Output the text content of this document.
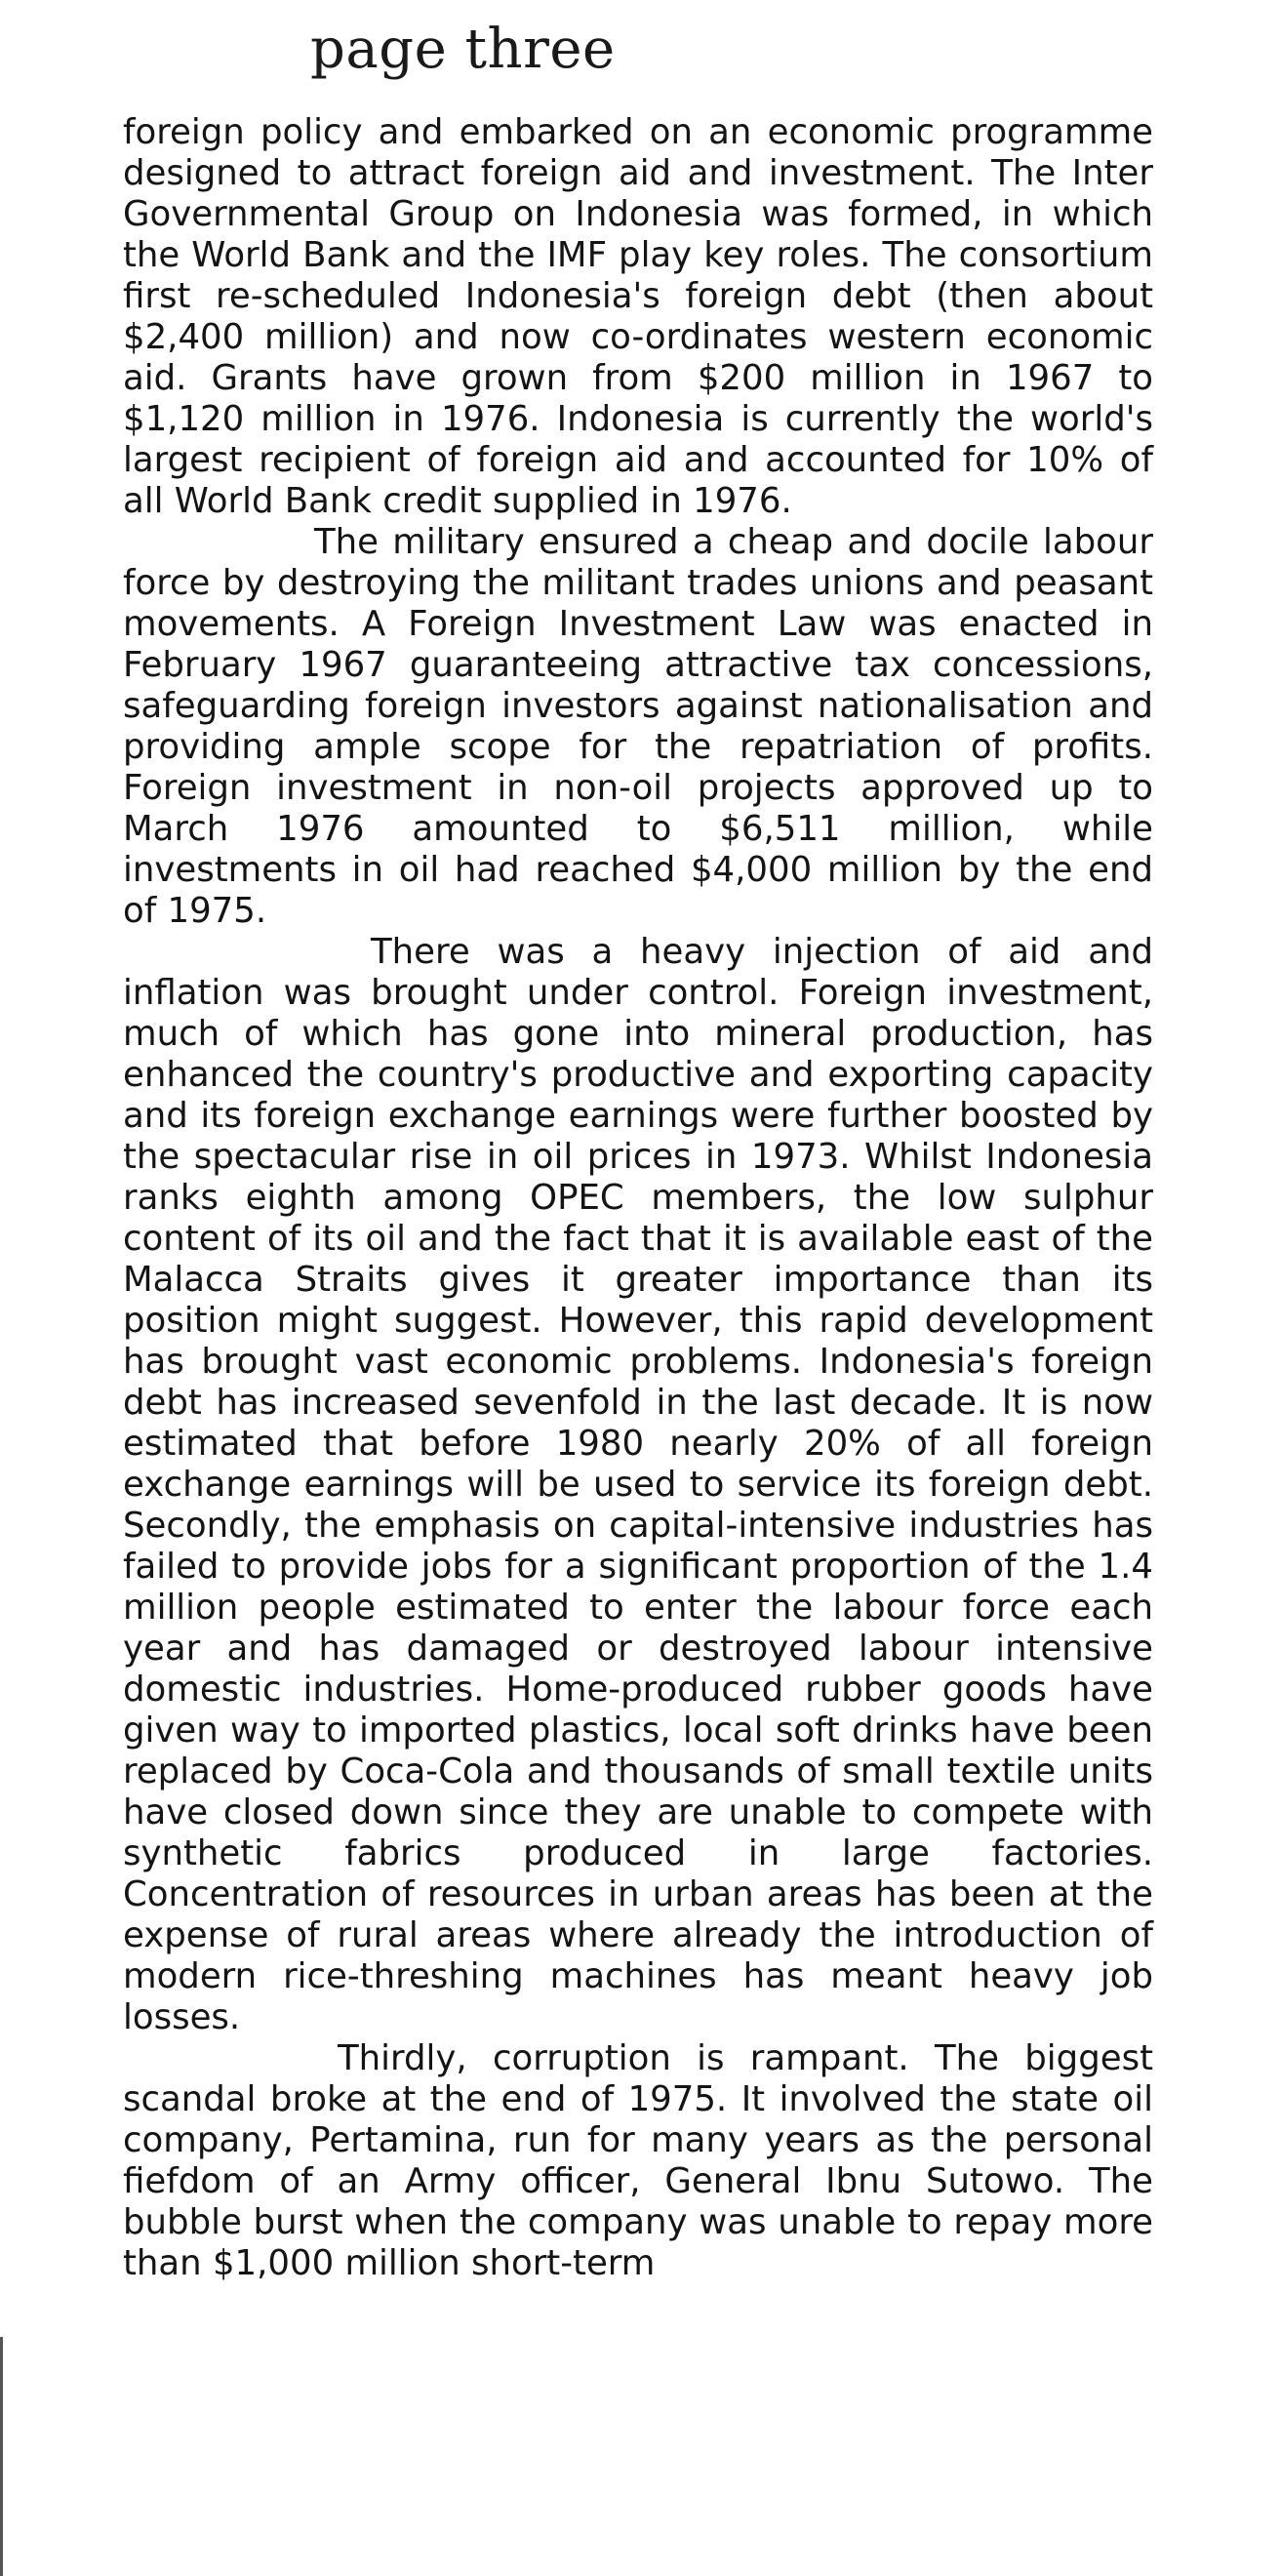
page three

foreign policy and embarked on an economic programme designed to attract foreign aid and investment. The Inter Governmental Group on Indonesia was formed, in which the World Bank and the IMF play key roles. The consortium first re-scheduled Indonesia's foreign debt (then about $2,400 million) and now co-ordinates western economic aid. Grants have grown from $200 million in 1967 to $1,120 million in 1976. Indonesia is currently the world's largest recipient of foreign aid and accounted for 10% of all World Bank credit supplied in 1976.

The military ensured a cheap and docile labour force by destroying the militant trades unions and peasant movements. A Foreign Investment Law was enacted in February 1967 guaranteeing attractive tax concessions, safeguarding foreign investors against nationalisation and providing ample scope for the repatriation of profits. Foreign investment in non-oil projects approved up to March 1976 amounted to $6,511 million, while investments in oil had reached $4,000 million by the end of 1975.

There was a heavy injection of aid and inflation was brought under control. Foreign investment, much of which has gone into mineral production, has enhanced the country's productive and exporting capacity and its foreign exchange earnings were further boosted by the spectacular rise in oil prices in 1973. Whilst Indonesia ranks eighth among OPEC members, the low sulphur content of its oil and the fact that it is available east of the Malacca Straits gives it greater importance than its position might suggest. However, this rapid development has brought vast economic problems. Indonesia's foreign debt has increased sevenfold in the last decade. It is now estimated that before 1980 nearly 20% of all foreign exchange earnings will be used to service its foreign debt. Secondly, the emphasis on capital-intensive industries has failed to provide jobs for a significant proportion of the 1.4 million people estimated to enter the labour force each year and has damaged or destroyed labour intensive domestic industries. Home-produced rubber goods have given way to imported plastics, local soft drinks have been replaced by Coca-Cola and thousands of small textile units have closed down since they are unable to compete with synthetic fabrics produced in large factories. Concentration of resources in urban areas has been at the expense of rural areas where already the introduction of modern rice-threshing machines has meant heavy job losses.

Thirdly, corruption is rampant. The biggest scandal broke at the end of 1975. It involved the state oil company, Pertamina, run for many years as the personal fiefdom of an Army officer, General Ibnu Sutowo. The bubble burst when the company was unable to repay more than $1,000 million short-term
